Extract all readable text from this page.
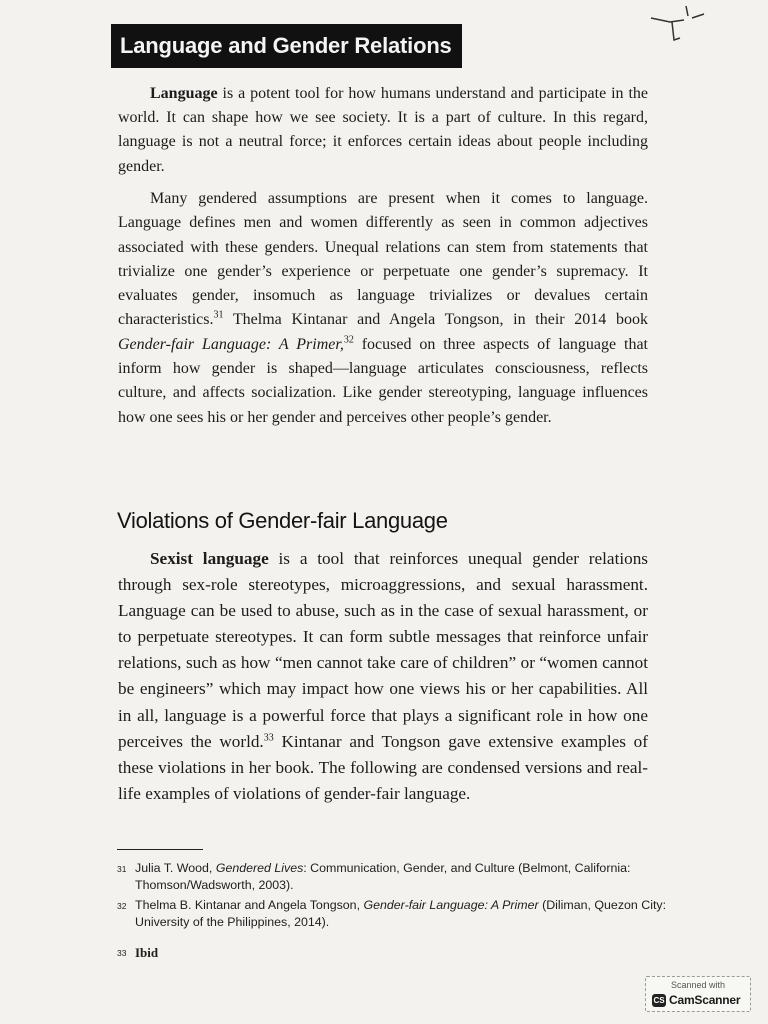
Language and Gender Relations

Language is a potent tool for how humans understand and participate in the world. It can shape how we see society. It is a part of culture. In this regard, language is not a neutral force; it enforces certain ideas about people including gender.

Many gendered assumptions are present when it comes to language. Language defines men and women differently as seen in common adjectives associated with these genders. Unequal relations can stem from statements that trivialize one gender’s experience or perpetuate one gender’s supremacy. It evaluates gender, insomuch as language trivializes or devalues certain characteristics.$^{31}$ Thelma Kintanar and Angela Tongson, in their 2014 book Gender-fair Language: A Primer,$^{32}$ focused on three aspects of language that inform how gender is shaped—language articulates consciousness, reflects culture, and affects socialization. Like gender stereotyping, language influences how one sees his or her gender and perceives other people’s gender.

Violations of Gender-fair Language

Sexist language is a tool that reinforces unequal gender relations through sex-role stereotypes, microaggressions, and sexual harassment. Language can be used to abuse, such as in the case of sexual harassment, or to perpetuate stereotypes. It can form subtle messages that reinforce unfair relations, such as how “men cannot take care of children” or “women cannot be engineers” which may impact how one views his or her capabilities. All in all, language is a powerful force that plays a significant role in how one perceives the world.$^{33}$ Kintanar and Tongson gave extensive examples of these violations in her book. The following are condensed versions and real-life examples of violations of gender-fair language.

31 Julia T. Wood, Gendered Lives: Communication, Gender, and Culture (Belmont, California: Thomson/Wadsworth, 2003).
32 Thelma B. Kintanar and Angela Tongson, Gender-fair Language: A Primer (Diliman, Quezon City: University of the Philippines, 2014).
33 Ibid
Scanned with
CS CamScanner
